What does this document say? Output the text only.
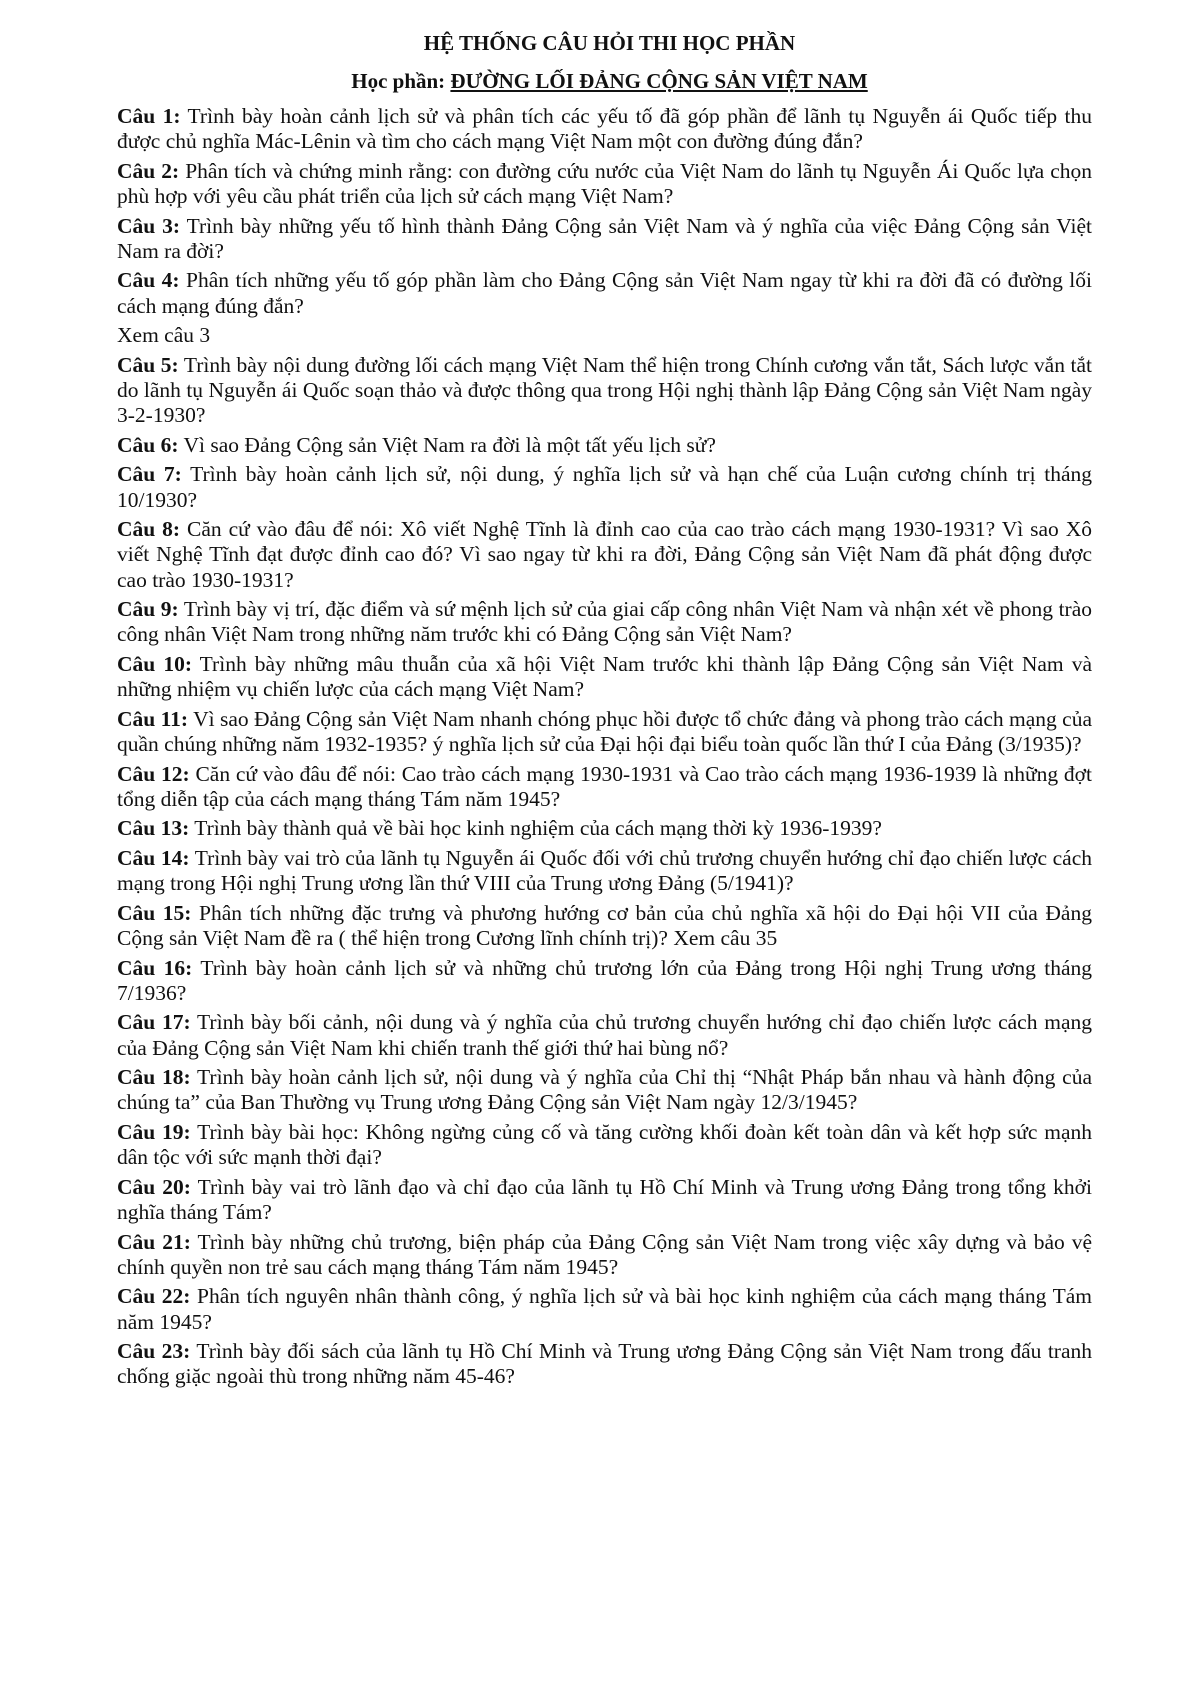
HỆ THỐNG CÂU HỎI THI HỌC PHẦN
Học phần: ĐƯỜNG LỐI ĐẢNG CỘNG SẢN VIỆT NAM
Câu 1: Trình bày hoàn cảnh lịch sử và phân tích các yếu tố đã góp phần để lãnh tụ Nguyễn ái Quốc tiếp thu được chủ nghĩa Mác-Lênin và tìm cho cách mạng Việt Nam một con đường đúng đắn?
Câu 2: Phân tích và chứng minh rằng: con đường cứu nước của Việt Nam do lãnh tụ Nguyễn Ái Quốc lựa chọn phù hợp với yêu cầu phát triển của lịch sử cách mạng Việt Nam?
Câu 3: Trình bày những yếu tố hình thành Đảng Cộng sản Việt Nam và ý nghĩa của việc Đảng Cộng sản Việt Nam ra đời?
Câu 4: Phân tích những yếu tố góp phần làm cho Đảng Cộng sản Việt Nam ngay từ khi ra đời đã có đường lối cách mạng đúng đắn?
Xem câu 3
Câu 5: Trình bày nội dung đường lối cách mạng Việt Nam thể hiện trong Chính cương vắn tắt, Sách lược vắn tắt do lãnh tụ Nguyễn ái Quốc soạn thảo và được thông qua trong Hội nghị thành lập Đảng Cộng sản Việt Nam ngày 3-2-1930?
Câu 6: Vì sao Đảng Cộng sản Việt Nam ra đời là một tất yếu lịch sử?
Câu 7: Trình bày hoàn cảnh lịch sử, nội dung, ý nghĩa lịch sử và hạn chế của Luận cương chính trị tháng 10/1930?
Câu 8: Căn cứ vào đâu để nói: Xô viết Nghệ Tĩnh là đỉnh cao của cao trào cách mạng 1930-1931? Vì sao Xô viết Nghệ Tĩnh đạt được đỉnh cao đó? Vì sao ngay từ khi ra đời, Đảng Cộng sản Việt Nam đã phát động được cao trào 1930-1931?
Câu 9: Trình bày vị trí, đặc điểm và sứ mệnh lịch sử của giai cấp công nhân Việt Nam và nhận xét về phong trào công nhân Việt Nam trong những năm trước khi có Đảng Cộng sản Việt Nam?
Câu 10: Trình bày những mâu thuẫn của xã hội Việt Nam trước khi thành lập Đảng Cộng sản Việt Nam và những nhiệm vụ chiến lược của cách mạng Việt Nam?
Câu 11: Vì sao Đảng Cộng sản Việt Nam nhanh chóng phục hồi được tổ chức đảng và phong trào cách mạng của quần chúng những năm 1932-1935? ý nghĩa lịch sử của Đại hội đại biểu toàn quốc lần thứ I của Đảng (3/1935)?
Câu 12: Căn cứ vào đâu để nói: Cao trào cách mạng 1930-1931 và Cao trào cách mạng 1936-1939 là những đợt tổng diễn tập của cách mạng tháng Tám năm 1945?
Câu 13: Trình bày thành quả về bài học kinh nghiệm của cách mạng thời kỳ 1936-1939?
Câu 14: Trình bày vai trò của lãnh tụ Nguyễn ái Quốc đối với chủ trương chuyển hướng chỉ đạo chiến lược cách mạng trong Hội nghị Trung ương lần thứ VIII của Trung ương Đảng (5/1941)?
Câu 15: Phân tích những đặc trưng và phương hướng cơ bản của chủ nghĩa xã hội do Đại hội VII của Đảng Cộng sản Việt Nam đề ra ( thể hiện trong Cương lĩnh chính trị)? Xem câu 35
Câu 16: Trình bày hoàn cảnh lịch sử và những chủ trương lớn của Đảng trong Hội nghị Trung ương tháng 7/1936?
Câu 17: Trình bày bối cảnh, nội dung và ý nghĩa của chủ trương chuyển hướng chỉ đạo chiến lược cách mạng của Đảng Cộng sản Việt Nam khi chiến tranh thế giới thứ hai bùng nổ?
Câu 18: Trình bày hoàn cảnh lịch sử, nội dung và ý nghĩa của Chỉ thị “Nhật Pháp bắn nhau và hành động của chúng ta” của Ban Thường vụ Trung ương Đảng Cộng sản Việt Nam ngày 12/3/1945?
Câu 19: Trình bày bài học: Không ngừng củng cố và tăng cường khối đoàn kết toàn dân và kết hợp sức mạnh dân tộc với sức mạnh thời đại?
Câu 20: Trình bày vai trò lãnh đạo và chỉ đạo của lãnh tụ Hồ Chí Minh và Trung ương Đảng trong tổng khởi nghĩa tháng Tám?
Câu 21: Trình bày những chủ trương, biện pháp của Đảng Cộng sản Việt Nam trong việc xây dựng và bảo vệ chính quyền non trẻ sau cách mạng tháng Tám năm 1945?
Câu 22: Phân tích nguyên nhân thành công, ý nghĩa lịch sử và bài học kinh nghiệm của cách mạng tháng Tám năm 1945?
Câu 23: Trình bày đối sách của lãnh tụ Hồ Chí Minh và Trung ương Đảng Cộng sản Việt Nam trong đấu tranh chống giặc ngoài thù trong những năm 45-46?
